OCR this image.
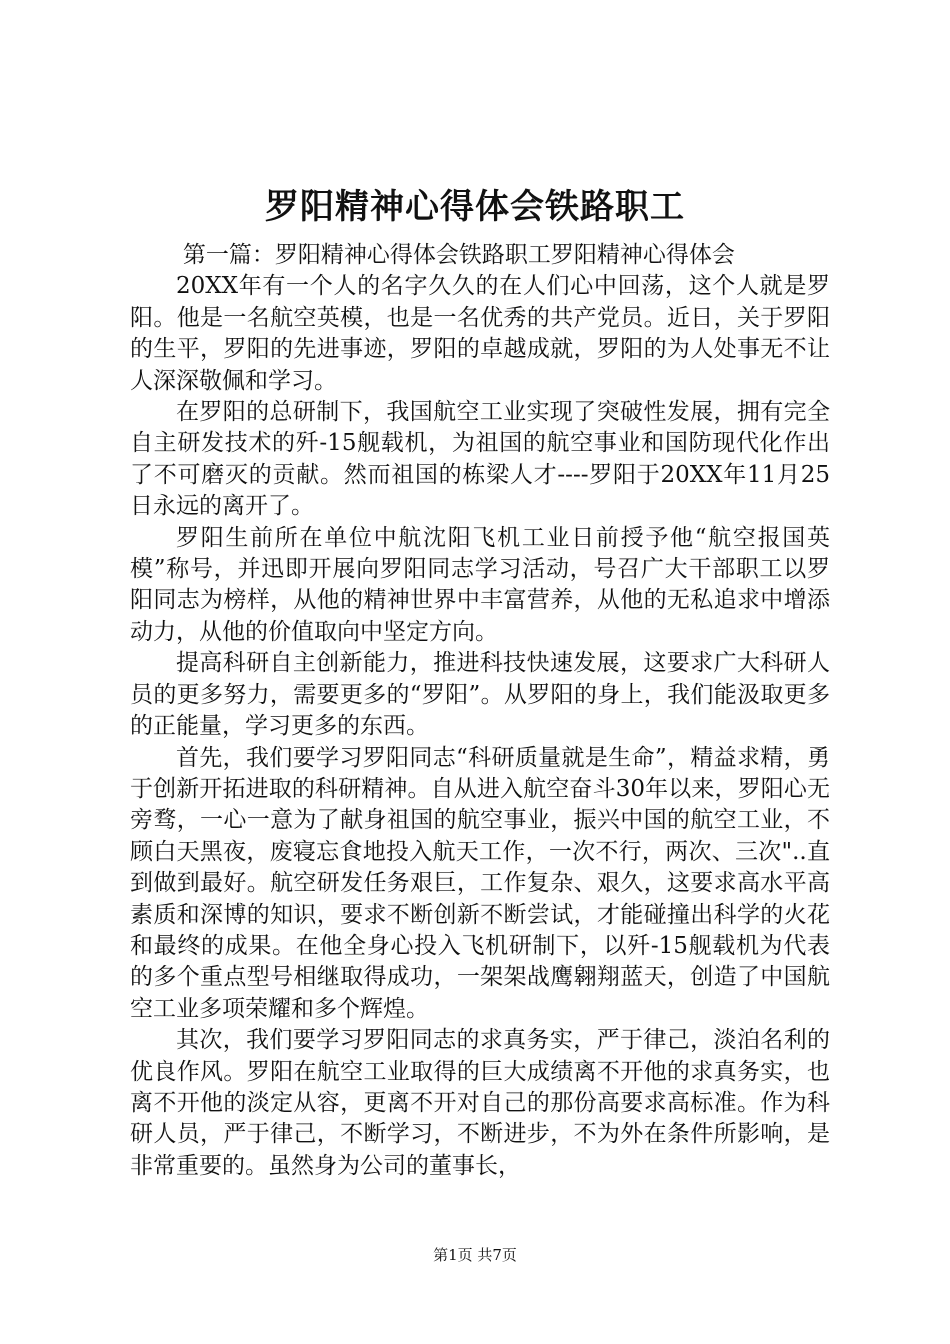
罗阳精神心得体会铁路职工

第一篇：罗阳精神心得体会铁路职工罗阳精神心得体会

20XX年有一个人的名字久久的在人们心中回荡，这个人就是罗阳。他是一名航空英模，也是一名优秀的共产党员。近日，关于罗阳的生平，罗阳的先进事迹，罗阳的卓越成就，罗阳的为人处事无不让人深深敬佩和学习。

在罗阳的总研制下，我国航空工业实现了突破性发展，拥有完全自主研发技术的歼-15舰载机，为祖国的航空事业和国防现代化作出了不可磨灭的贡献。然而祖国的栋梁人才----罗阳于20XX年11月25日永远的离开了。

罗阳生前所在单位中航沈阳飞机工业日前授予他“航空报国英模”称号，并迅即开展向罗阳同志学习活动，号召广大干部职工以罗阳同志为榜样，从他的精神世界中丰富营养，从他的无私追求中增添动力，从他的价值取向中坚定方向。

提高科研自主创新能力，推进科技快速发展，这要求广大科研人员的更多努力，需要更多的“罗阳”。从罗阳的身上，我们能汲取更多的正能量，学习更多的东西。

首先，我们要学习罗阳同志“科研质量就是生命”，精益求精，勇于创新开拓进取的科研精神。自从进入航空奋斗30年以来，罗阳心无旁骛，一心一意为了献身祖国的航空事业，振兴中国的航空工业，不顾白天黑夜，废寝忘食地投入航天工作，一次不行，两次、三次"..直到做到最好。航空研发任务艰巨，工作复杂、艰久，这要求高水平高素质和深博的知识，要求不断创新不断尝试，才能碰撞出科学的火花和最终的成果。在他全身心投入飞机研制下，以歼-15舰载机为代表的多个重点型号相继取得成功，一架架战鹰翱翔蓝天，创造了中国航空工业多项荣耀和多个辉煌。

其次，我们要学习罗阳同志的求真务实，严于律己，淡泊名利的优良作风。罗阳在航空工业取得的巨大成绩离不开他的求真务实，也离不开他的淡定从容，更离不开对自己的那份高要求高标准。作为科研人员，严于律己，不断学习，不断进步，不为外在条件所影响，是非常重要的。虽然身为公司的董事长，

第1页 共7页
